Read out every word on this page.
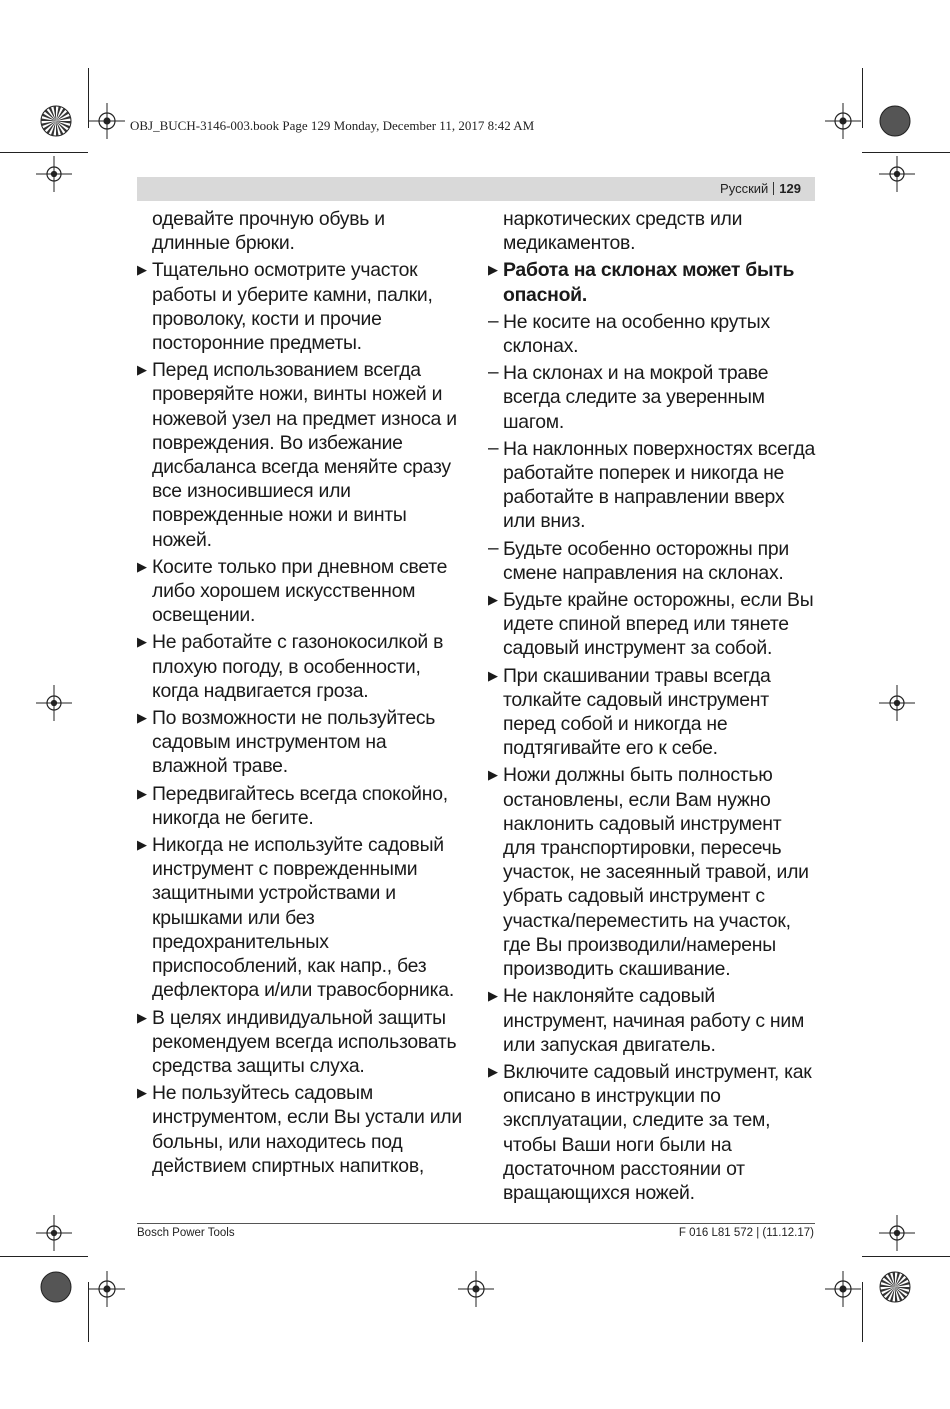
OBJ_BUCH-3146-003.book Page 129 Monday, December 11, 2017 8:42 AM
Русский 129
одевайте прочную обувь и длинные брюки.
▶ Тщательно осмотрите участок работы и уберите камни, палки, проволоку, кости и прочие посторонние предметы.
▶ Перед использованием всегда проверяйте ножи, винты ножей и ножевой узел на предмет износа и повреждения. Во избежание дисбаланса всегда меняйте сразу все износившиеся или поврежденные ножи и винты ножей.
▶ Косите только при дневном свете либо хорошем искусственном освещении.
▶ Не работайте с газонокосилкой в плохую погоду, в особенности, когда надвигается гроза.
▶ По возможности не пользуйтесь садовым инструментом на влажной траве.
▶ Передвигайтесь всегда спокойно, никогда не бегите.
▶ Никогда не используйте садовый инструмент с поврежденными защитными устройствами и крышками или без предохранительных приспособлений, как напр., без дефлектора и/или травосборника.
▶ В целях индивидуальной защиты рекомендуем всегда использовать средства защиты слуха.
▶ Не пользуйтесь садовым инструментом, если Вы устали или больны, или находитесь под действием спиртных напитков,
наркотических средств или медикаментов.
▶ Работа на склонах может быть опасной.
– Не косите на особенно крутых склонах.
– На склонах и на мокрой траве всегда следите за уверенным шагом.
– На наклонных поверхностях всегда работайте поперек и никогда не работайте в направлении вверх или вниз.
– Будьте особенно осторожны при смене направления на склонах.
▶ Будьте крайне осторожны, если Вы идете спиной вперед или тянете садовый инструмент за собой.
▶ При скашивании травы всегда толкайте садовый инструмент перед собой и никогда не подтягивайте его к себе.
▶ Ножи должны быть полностью остановлены, если Вам нужно наклонить садовый инструмент для транспортировки, пересечь участок, не засеянный травой, или убрать садовый инструмент с участка/переместить на участок, где Вы производили/намерены производить скашивание.
▶ Не наклоняйте садовый инструмент, начиная работу с ним или запуская двигатель.
▶ Включите садовый инструмент, как описано в инструкции по эксплуатации, следите за тем, чтобы Ваши ноги были на достаточном расстоянии от вращающихся ножей.
Bosch Power Tools	F 016 L81 572 | (11.12.17)
